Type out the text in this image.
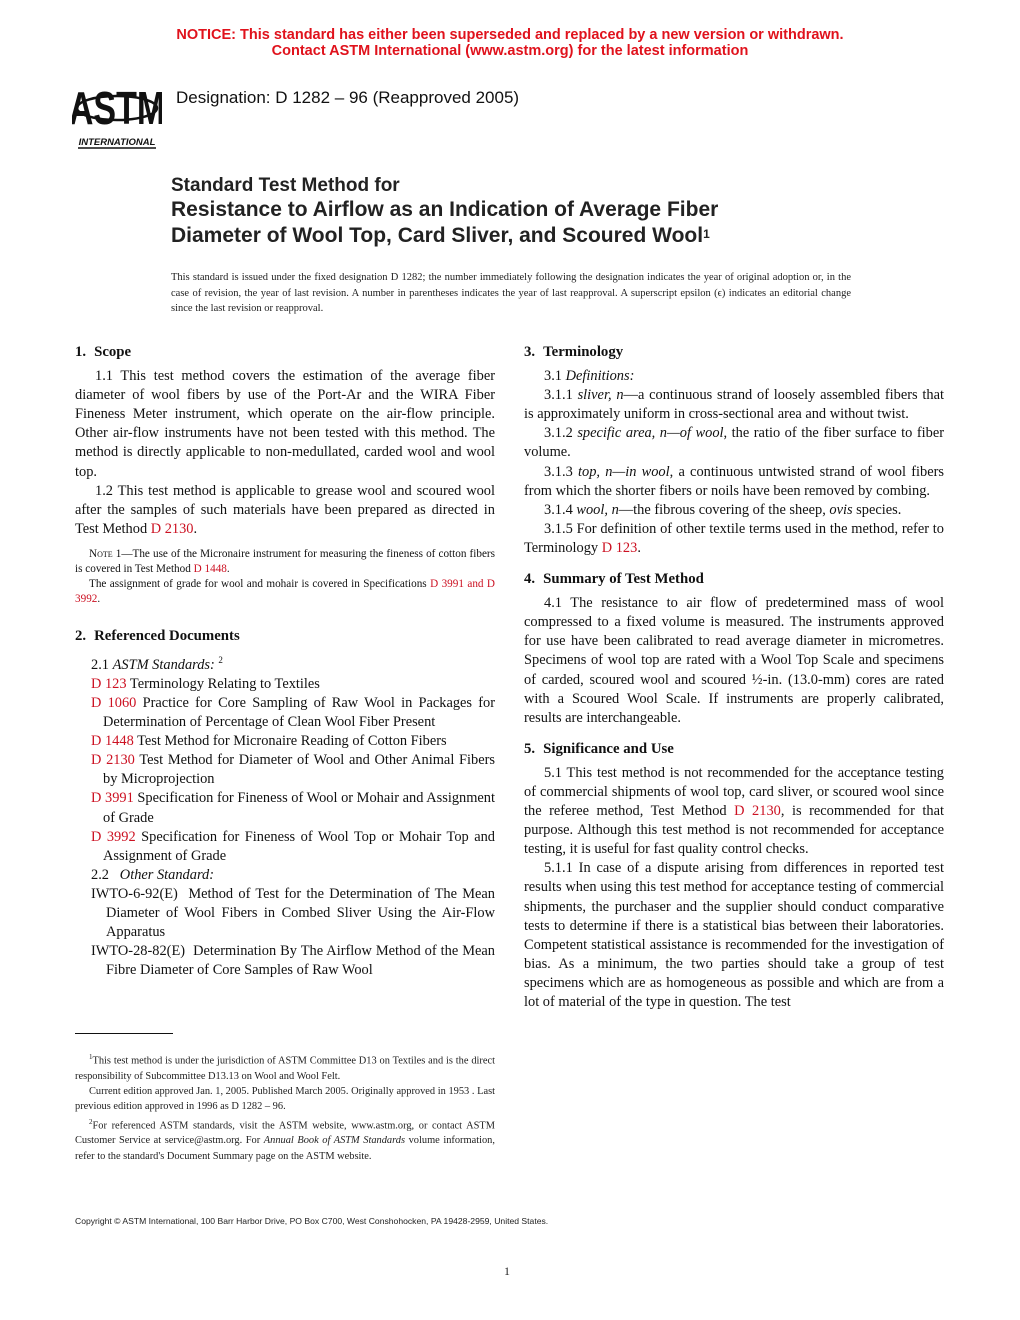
NOTICE: This standard has either been superseded and replaced by a new version or withdrawn.
Contact ASTM International (www.astm.org) for the latest information
ASTM
INTERNATIONAL
Designation: D 1282 – 96 (Reapproved 2005)
Standard Test Method for
Resistance to Airflow as an Indication of Average Fiber
Diameter of Wool Top, Card Sliver, and Scoured Wool$^1$
This standard is issued under the fixed designation D 1282; the number immediately following the designation indicates the year of original adoption or, in the case of revision, the year of last revision. A number in parentheses indicates the year of last reapproval. A superscript epsilon (ϵ) indicates an editorial change since the last revision or reapproval.
1. Scope

1.1 This test method covers the estimation of the average fiber diameter of wool fibers by use of the Port-Ar and the WIRA Fiber Fineness Meter instrument, which operate on the air-flow principle. Other air-flow instruments have not been tested with this method. The method is directly applicable to non-medullated, carded wool and wool top.

1.2 This test method is applicable to grease wool and scoured wool after the samples of such materials have been prepared as directed in Test Method D 2130.

Note 1—The use of the Micronaire instrument for measuring the fineness of cotton fibers is covered in Test Method D 1448.

The assignment of grade for wool and mohair is covered in Specifications D 3991 and D 3992.

2. Referenced Documents

2.1 ASTM Standards: $^2$

D 123 Terminology Relating to Textiles

D 1060 Practice for Core Sampling of Raw Wool in Packages for Determination of Percentage of Clean Wool Fiber Present

D 1448 Test Method for Micronaire Reading of Cotton Fibers

D 2130 Test Method for Diameter of Wool and Other Animal Fibers by Microprojection

D 3991 Specification for Fineness of Wool or Mohair and Assignment of Grade

D 3992 Specification for Fineness of Wool Top or Mohair Top and Assignment of Grade

2.2 Other Standard:

IWTO-6-92(E) Method of Test for the Determination of The Mean Diameter of Wool Fibers in Combed Sliver Using the Air-Flow Apparatus

IWTO-28-82(E) Determination By The Airflow Method of the Mean Fibre Diameter of Core Samples of Raw Wool

$^1$This test method is under the jurisdiction of ASTM Committee D13 on Textiles and is the direct responsibility of Subcommittee D13.13 on Wool and Wool Felt.

Current edition approved Jan. 1, 2005. Published March 2005. Originally approved in 1953 . Last previous edition approved in 1996 as D 1282 – 96.

$^2$For referenced ASTM standards, visit the ASTM website, www.astm.org, or contact ASTM Customer Service at service@astm.org. For Annual Book of ASTM Standards volume information, refer to the standard's Document Summary page on the ASTM website.

3. Terminology

3.1 Definitions:

3.1.1 sliver, n—a continuous strand of loosely assembled fibers that is approximately uniform in cross-sectional area and without twist.

3.1.2 specific area, n—of wool, the ratio of the fiber surface to fiber volume.

3.1.3 top, n—in wool, a continuous untwisted strand of wool fibers from which the shorter fibers or noils have been removed by combing.

3.1.4 wool, n—the fibrous covering of the sheep, ovis species.

3.1.5 For definition of other textile terms used in the method, refer to Terminology D 123.

4. Summary of Test Method

4.1 The resistance to air flow of predetermined mass of wool compressed to a fixed volume is measured. The instruments approved for use have been calibrated to read average diameter in micrometres. Specimens of wool top are rated with a Wool Top Scale and specimens of carded, scoured wool and scoured ½-in. (13.0-mm) cores are rated with a Scoured Wool Scale. If instruments are properly calibrated, results are interchangeable.

5. Significance and Use

5.1 This test method is not recommended for the acceptance testing of commercial shipments of wool top, card sliver, or scoured wool since the referee method, Test Method D 2130, is recommended for that purpose. Although this test method is not recommended for acceptance testing, it is useful for fast quality control checks.

5.1.1 In case of a dispute arising from differences in reported test results when using this test method for acceptance testing of commercial shipments, the purchaser and the supplier should conduct comparative tests to determine if there is a statistical bias between their laboratories. Competent statistical assistance is recommended for the investigation of bias. As a minimum, the two parties should take a group of test specimens which are as homogeneous as possible and which are from a lot of material of the type in question. The test

Copyright © ASTM International, 100 Barr Harbor Drive, PO Box C700, West Conshohocken, PA 19428-2959, United States.
1
